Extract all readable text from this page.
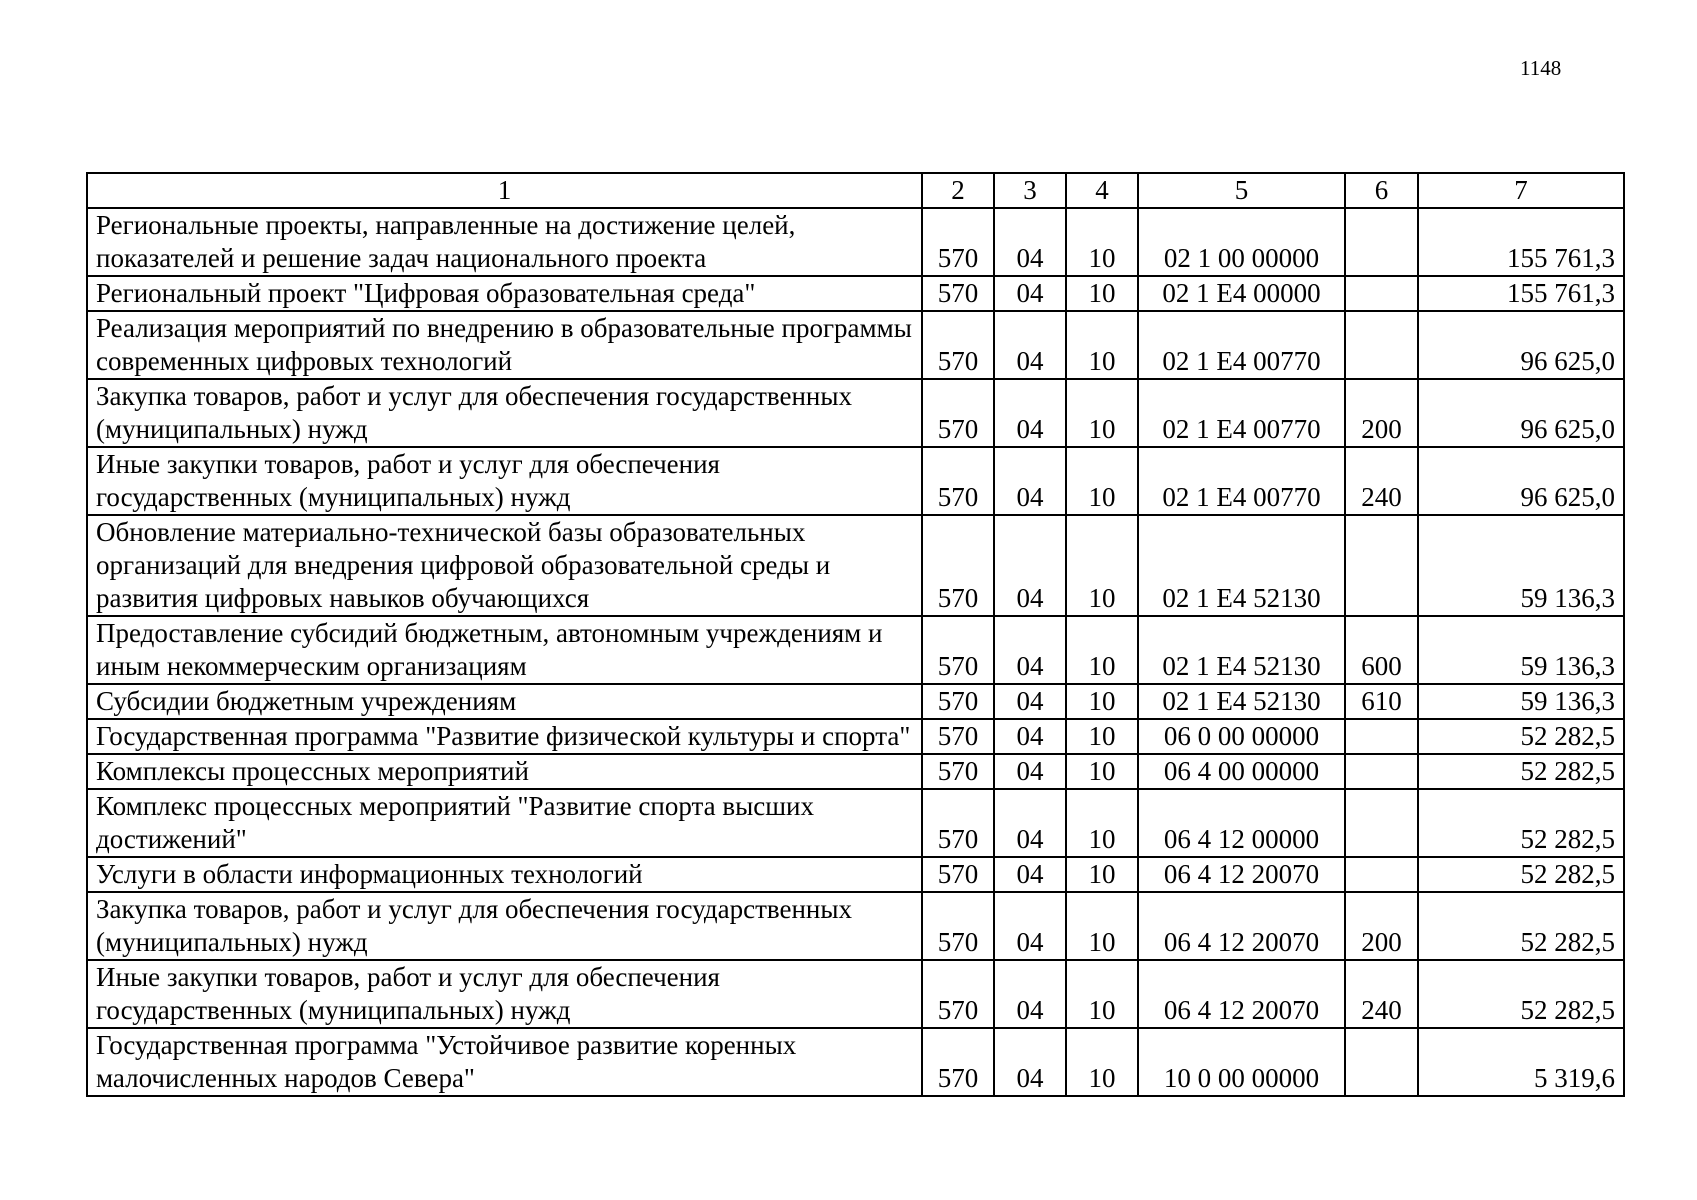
1148
1	2	3	4	5	6	7
Региональные проекты, направленные на достижение целей, показателей и решение задач национального проекта	570	04	10	02 1 00 00000		155 761,3
Региональный проект "Цифровая образовательная среда"	570	04	10	02 1 Е4 00000		155 761,3
Реализация мероприятий по внедрению в образовательные программы современных цифровых технологий	570	04	10	02 1 Е4 00770		96 625,0
Закупка товаров, работ и услуг для обеспечения государственных (муниципальных) нужд	570	04	10	02 1 Е4 00770	200	96 625,0
Иные закупки товаров, работ и услуг для обеспечения государственных (муниципальных) нужд	570	04	10	02 1 Е4 00770	240	96 625,0
Обновление материально-технической базы образовательных организаций для внедрения цифровой образовательной среды и развития цифровых навыков обучающихся	570	04	10	02 1 Е4 52130		59 136,3
Предоставление субсидий бюджетным, автономным учреждениям и иным некоммерческим организациям	570	04	10	02 1 Е4 52130	600	59 136,3
Субсидии бюджетным учреждениям	570	04	10	02 1 Е4 52130	610	59 136,3
Государственная программа "Развитие физической культуры и спорта"	570	04	10	06 0 00 00000		52 282,5
Комплексы процессных мероприятий	570	04	10	06 4 00 00000		52 282,5
Комплекс процессных мероприятий "Развитие спорта высших достижений"	570	04	10	06 4 12 00000		52 282,5
Услуги в области информационных технологий	570	04	10	06 4 12 20070		52 282,5
Закупка товаров, работ и услуг для обеспечения государственных (муниципальных) нужд	570	04	10	06 4 12 20070	200	52 282,5
Иные закупки товаров, работ и услуг для обеспечения государственных (муниципальных) нужд	570	04	10	06 4 12 20070	240	52 282,5
Государственная программа "Устойчивое развитие коренных малочисленных народов Севера"	570	04	10	10 0 00 00000		5 319,6
